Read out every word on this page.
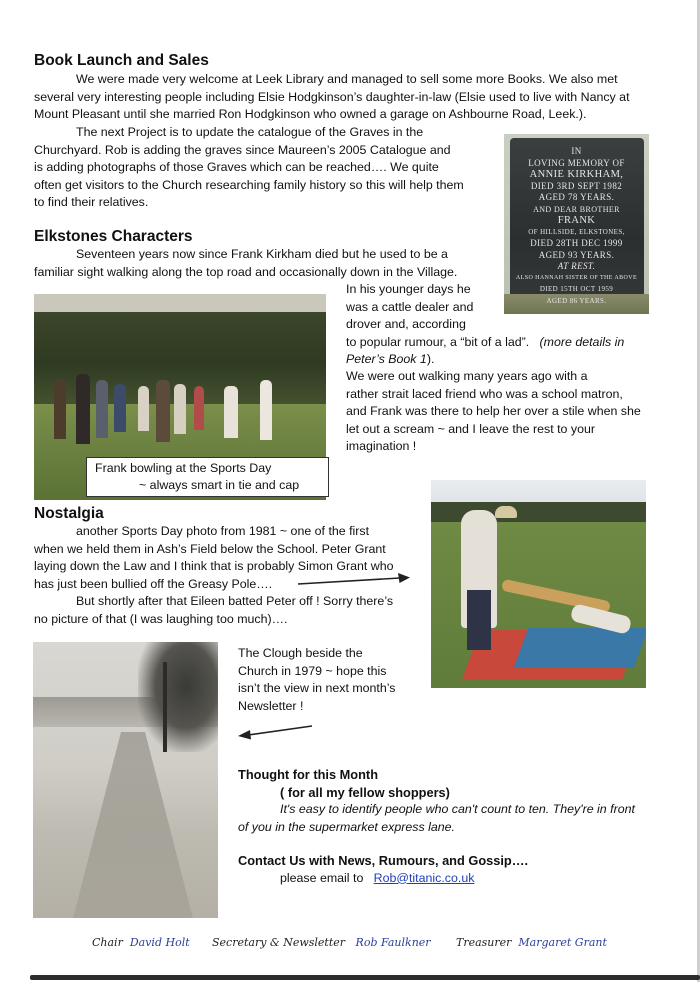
Book Launch and Sales
We were made very welcome at Leek Library and managed to sell some more Books. We also met
several very interesting people including Elsie Hodgkinson’s daughter-in-law (Elsie used to live with Nancy at
Mount Pleasant until she married Ron Hodgkinson who owned a garage on Ashbourne Road, Leek.).
The next Project is to update the catalogue of the Graves in the
Churchyard. Rob is adding the graves since Maureen’s 2005 Catalogue and
is adding photographs of those Graves which can be reached…. We quite
often get visitors to the Church researching family history so this will help them
to find their relatives.
IN
LOVING MEMORY OF
ANNIE KIRKHAM,
DIED 3RD SEPT 1982
AGED 78 YEARS.
AND DEAR BROTHER
FRANK
OF HILLSIDE, ELKSTONES,
DIED 28TH DEC 1999
AGED 93 YEARS.
AT REST.
ALSO HANNAH SISTER OF THE ABOVE
DIED 15TH OCT 1959
AGED 86 YEARS.
Elkstones Characters
Seventeen years now since Frank Kirkham died but he used to be a
familiar sight walking along the top road and occasionally down in the Village.
In his younger days he
was a cattle dealer and
drover and, according
to popular rumour, a “bit of a lad”. (more details in
Peter’s Book 1).
We were out walking many years ago with a
rather strait laced friend who was a school matron,
and Frank was there to help her over a stile when she
let out a scream ~ and I leave the rest to your
imagination !
Frank bowling at the Sports Day
~ always smart in tie and cap
Nostalgia
another Sports Day photo from 1981 ~ one of the first
when we held them in Ash’s Field below the School. Peter Grant
laying down the Law and I think that is probably Simon Grant who
has just been bullied off the Greasy Pole….
But shortly after that Eileen batted Peter off ! Sorry there’s
no picture of that (I was laughing too much)….
The Clough beside the
Church in 1979 ~ hope this
isn’t the view in next month’s
Newsletter !
Thought for this Month
( for all my fellow shoppers)
It's easy to identify people who can't count to ten. They're in front
of you in the supermarket express lane.
Contact Us with News, Rumours, and Gossip….
please email to Rob@titanic.co.uk
Chair David Holt Secretary & Newsletter Rob Faulkner Treasurer Margaret Grant
